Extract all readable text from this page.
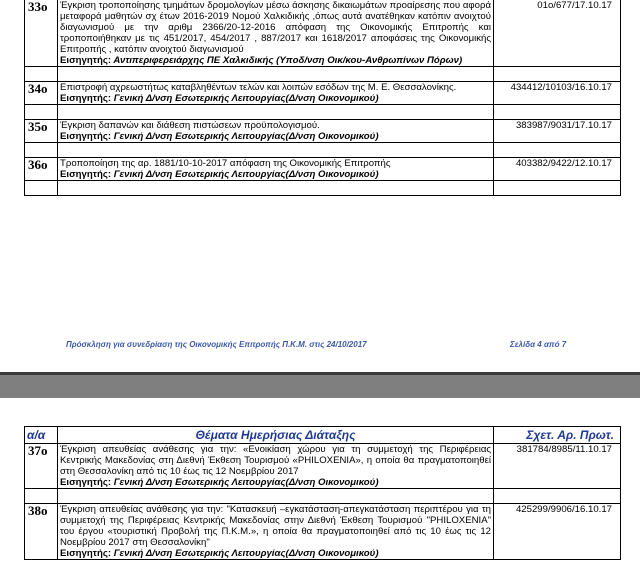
33ο	Έγκριση τροποποίησης τμημάτων δρομολογίων μέσω άσκησης δικαιωμάτων προαίρεσης που αφορά μεταφορά μαθητών σχ έτων 2016-2019 Νομού Χαλκιδικής ,όπως αυτά ανατέθηκαν κατόπιν ανοιχτού διαγωνισμού με την αριθμ 2366/20-12-2016 απόφαση της Οικονομικής Επιτροπής και τροποποιήθηκαν με τις 451/2017, 454/2017 , 887/2017 και 1618/2017 αποφάσεις της Οικονομικής Επιτροπής , κατόπιν ανοιχτού διαγωνισμού
Εισηγητής: Αντιπεριφερειάρχης ΠΕ Χαλκιδικής (Υποδ/νση Οικ/κου-Ανθρωπίνων Πόρων)	01ο/677/17.10.17

34ο	Επιστροφή αχρεωστήτως καταβληθέντων τελών και λοιπών εσόδων της Μ. Ε. Θεσσαλονίκης.
Εισηγητής: Γενική Δ/νση Εσωτερικής Λειτουργίας(Δ/νση Οικονομικού)	434412/10103/16.10.17

35ο	Έγκριση δαπανών και διάθεση πιστώσεων προϋπολογισμού.
Εισηγητής: Γενική Δ/νση Εσωτερικής Λειτουργίας(Δ/νση Οικονομικού)	383987/9031/17.10.17

36ο	Τροποποίηση της αρ. 1881/10-10-2017 απόφαση της Οικονομικής Επιτροπής
Εισηγητής: Γενική Δ/νση Εσωτερικής Λειτουργίας(Δ/νση Οικονομικού)	403382/9422/12.10.17

Πρόσκληση για συνεδρίαση της Οικονομικής Επιτροπής Π.Κ.Μ. στις 24/10/2017	Σελίδα 4 από 7
α/α	Θέματα Ημερήσιας Διάταξης	Σχετ. Αρ. Πρωτ.
37ο	Έγκριση απευθείας ανάθεσης για την: «Ενοικίαση χώρου για τη συμμετοχή της Περιφέρειας Κεντρικής Μακεδονίας στη Διεθνή Έκθεση Τουρισμού «PHILOXENIA», η οποία θα πραγματοποιηθεί στη Θεσσαλονίκη από τις 10 έως τις 12 Νοεμβρίου 2017
Εισηγητής: Γενική Δ/νση Εσωτερικής Λειτουργίας(Δ/νση Οικονομικού)	381784/8985/11.10.17

38ο	Έγκριση απευθείας ανάθεσης για την: "Κατασκευή –εγκατάσταση-απεγκατάσταση περιπτέρου για τη συμμετοχή της Περιφέρειας Κεντρικής Μακεδονίας στην Διεθνή Έκθεση Τουρισμού "PHILOXENIA" του έργου «τουριστική Προβολή της Π.Κ.Μ.», η οποία θα πραγματοποιηθεί από τις 10 έως τις 12 Νοεμβρίου 2017 στη Θεσσαλονίκη"
Εισηγητής: Γενική Δ/νση Εσωτερικής Λειτουργίας(Δ/νση Οικονομικού)	425299/9906/16.10.17
